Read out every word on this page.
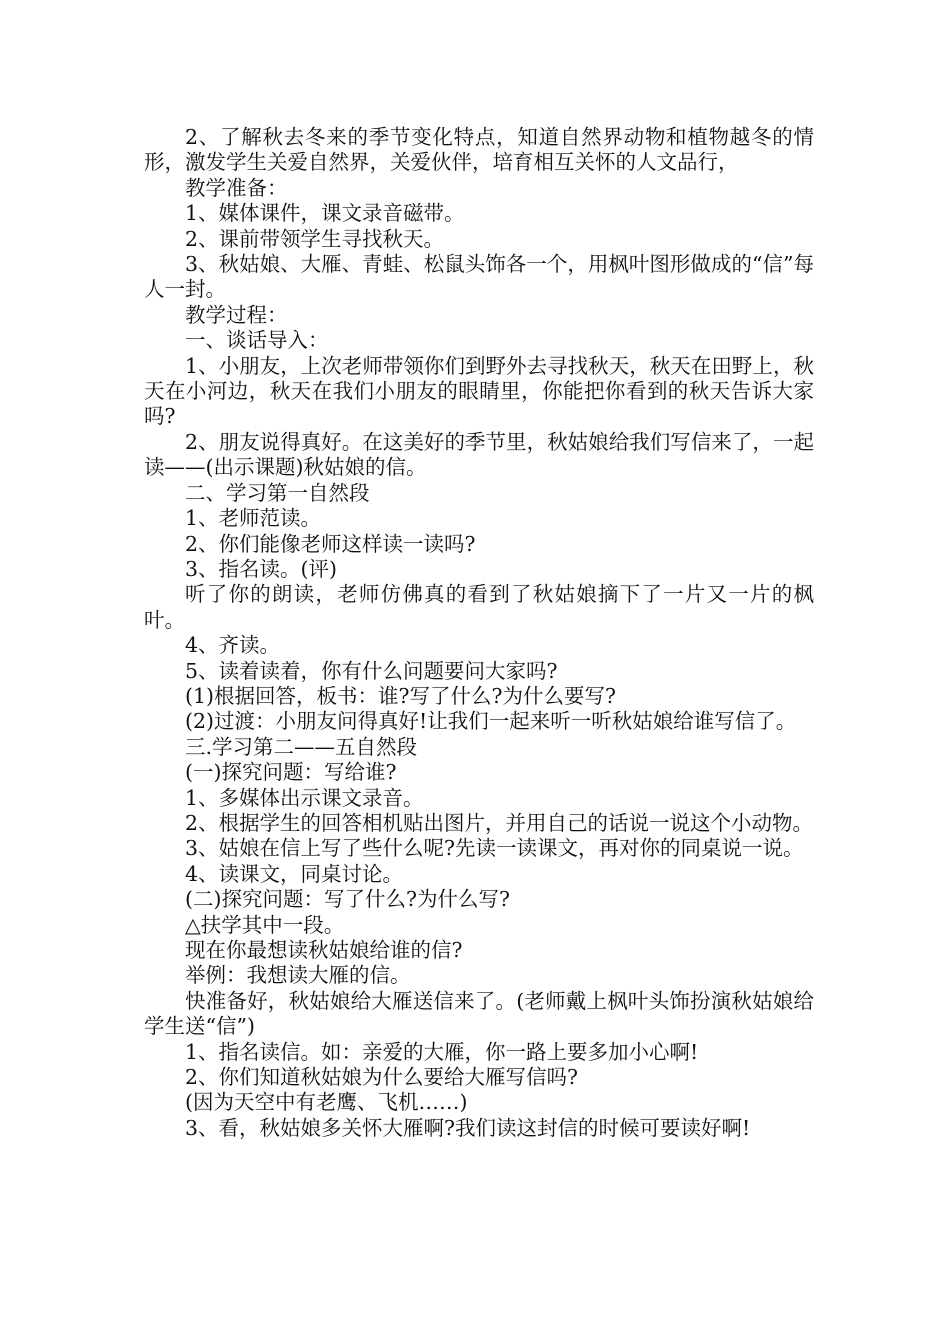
2、了解秋去冬来的季节变化特点，知道自然界动物和植物越冬的情形，激发学生关爱自然界，关爱伙伴，培育相互关怀的人文品行，

教学准备：

1、媒体课件，课文录音磁带。

2、课前带领学生寻找秋天。

3、秋姑娘、大雁、青蛙、松鼠头饰各一个，用枫叶图形做成的“信”每人一封。

教学过程：

一、谈话导入：

1、小朋友，上次老师带领你们到野外去寻找秋天，秋天在田野上，秋天在小河边，秋天在我们小朋友的眼睛里，你能把你看到的秋天告诉大家吗?

2、朋友说得真好。在这美好的季节里，秋姑娘给我们写信来了，一起读——(出示课题)秋姑娘的信。

二、学习第一自然段

1、老师范读。

2、你们能像老师这样读一读吗?

3、指名读。(评)

听了你的朗读，老师仿佛真的看到了秋姑娘摘下了一片又一片的枫叶。

4、齐读。

5、读着读着，你有什么问题要问大家吗?

(1)根据回答，板书：谁?写了什么?为什么要写?

(2)过渡：小朋友问得真好!让我们一起来听一听秋姑娘给谁写信了。

三.学习第二——五自然段

(一)探究问题：写给谁?

1、多媒体出示课文录音。

2、根据学生的回答相机贴出图片，并用自己的话说一说这个小动物。

3、姑娘在信上写了些什么呢?先读一读课文，再对你的同桌说一说。

4、读课文，同桌讨论。

(二)探究问题：写了什么?为什么写?

△扶学其中一段。

现在你最想读秋姑娘给谁的信?

举例：我想读大雁的信。

快准备好，秋姑娘给大雁送信来了。(老师戴上枫叶头饰扮演秋姑娘给学生送“信”)

1、指名读信。如：亲爱的大雁，你一路上要多加小心啊!

2、你们知道秋姑娘为什么要给大雁写信吗?

(因为天空中有老鹰、飞机……)

3、看，秋姑娘多关怀大雁啊?我们读这封信的时候可要读好啊!
